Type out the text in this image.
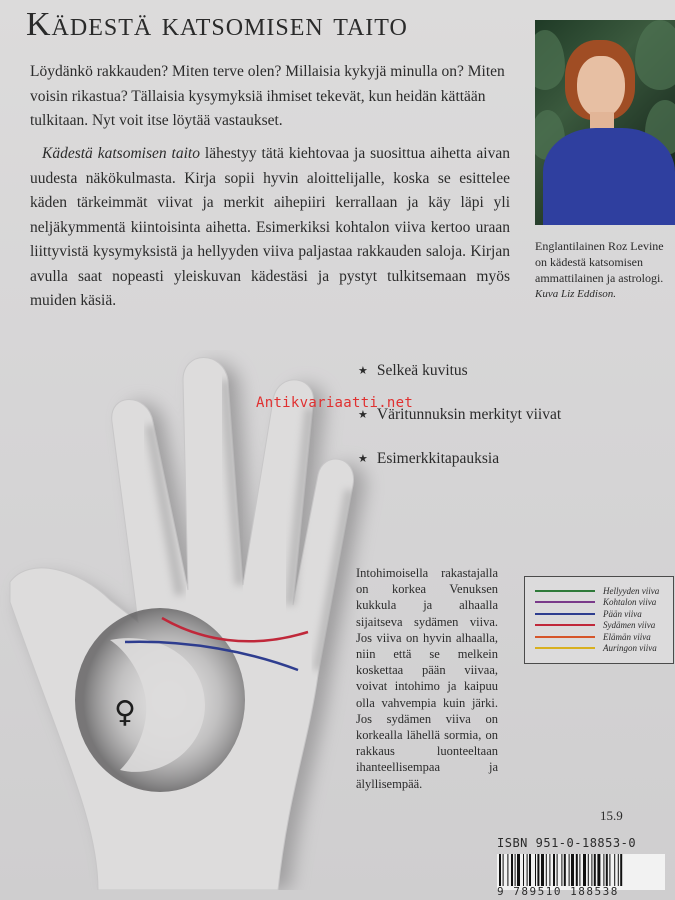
Kädestä katsomisen taito

Löydänkö rakkauden? Miten terve olen? Millaisia kykyjä minulla on? Miten voisin rikastua? Tällaisia kysymyksiä ihmiset tekevät, kun heidän kättään tulkitaan. Nyt voit itse löytää vastaukset.

Kädestä katsomisen taito lähestyy tätä kiehtovaa ja suosittua aihetta aivan uudesta näkökulmasta. Kirja sopii hyvin aloittelijalle, koska se esittelee käden tärkeimmät viivat ja merkit aihepiiri kerrallaan ja käy läpi yli neljäkymmentä kiintoisinta aihetta. Esimerkiksi kohtalon viiva kertoo uraan liittyvistä kysymyksistä ja hellyyden viiva paljastaa rakkauden saloja. Kirjan avulla saat nopeasti yleiskuvan kädestäsi ja pystyt tulkitsemaan myös muiden käsiä.

Englantilainen Roz Levine
on kädestä katsomisen
ammattilainen ja astrologi.
Kuva Liz Eddison.
♀
★ Selkeä kuvitus
★ Väritunnuksin merkityt viivat
★ Esimerkkitapauksia
Antikvariaatti.net

Intohimoisella rakastajalla on korkea Venuksen kukkula ja alhaalla sijaitseva sydämen viiva. Jos viiva on hyvin alhaalla, niin että se melkein koskettaa pään viivaa, voivat intohimo ja kaipuu olla vahvempia kuin järki. Jos sydämen viiva on korkealla lähellä sormia, on rakkaus luonteeltaan ihanteellisempaa ja älyllisempää.

Hellyyden viiva
Kohtalon viiva
Pään viiva
Sydämen viiva
Elämän viiva
Auringon viiva
15.9
ISBN 951-0-18853-0
9 789510 188538
